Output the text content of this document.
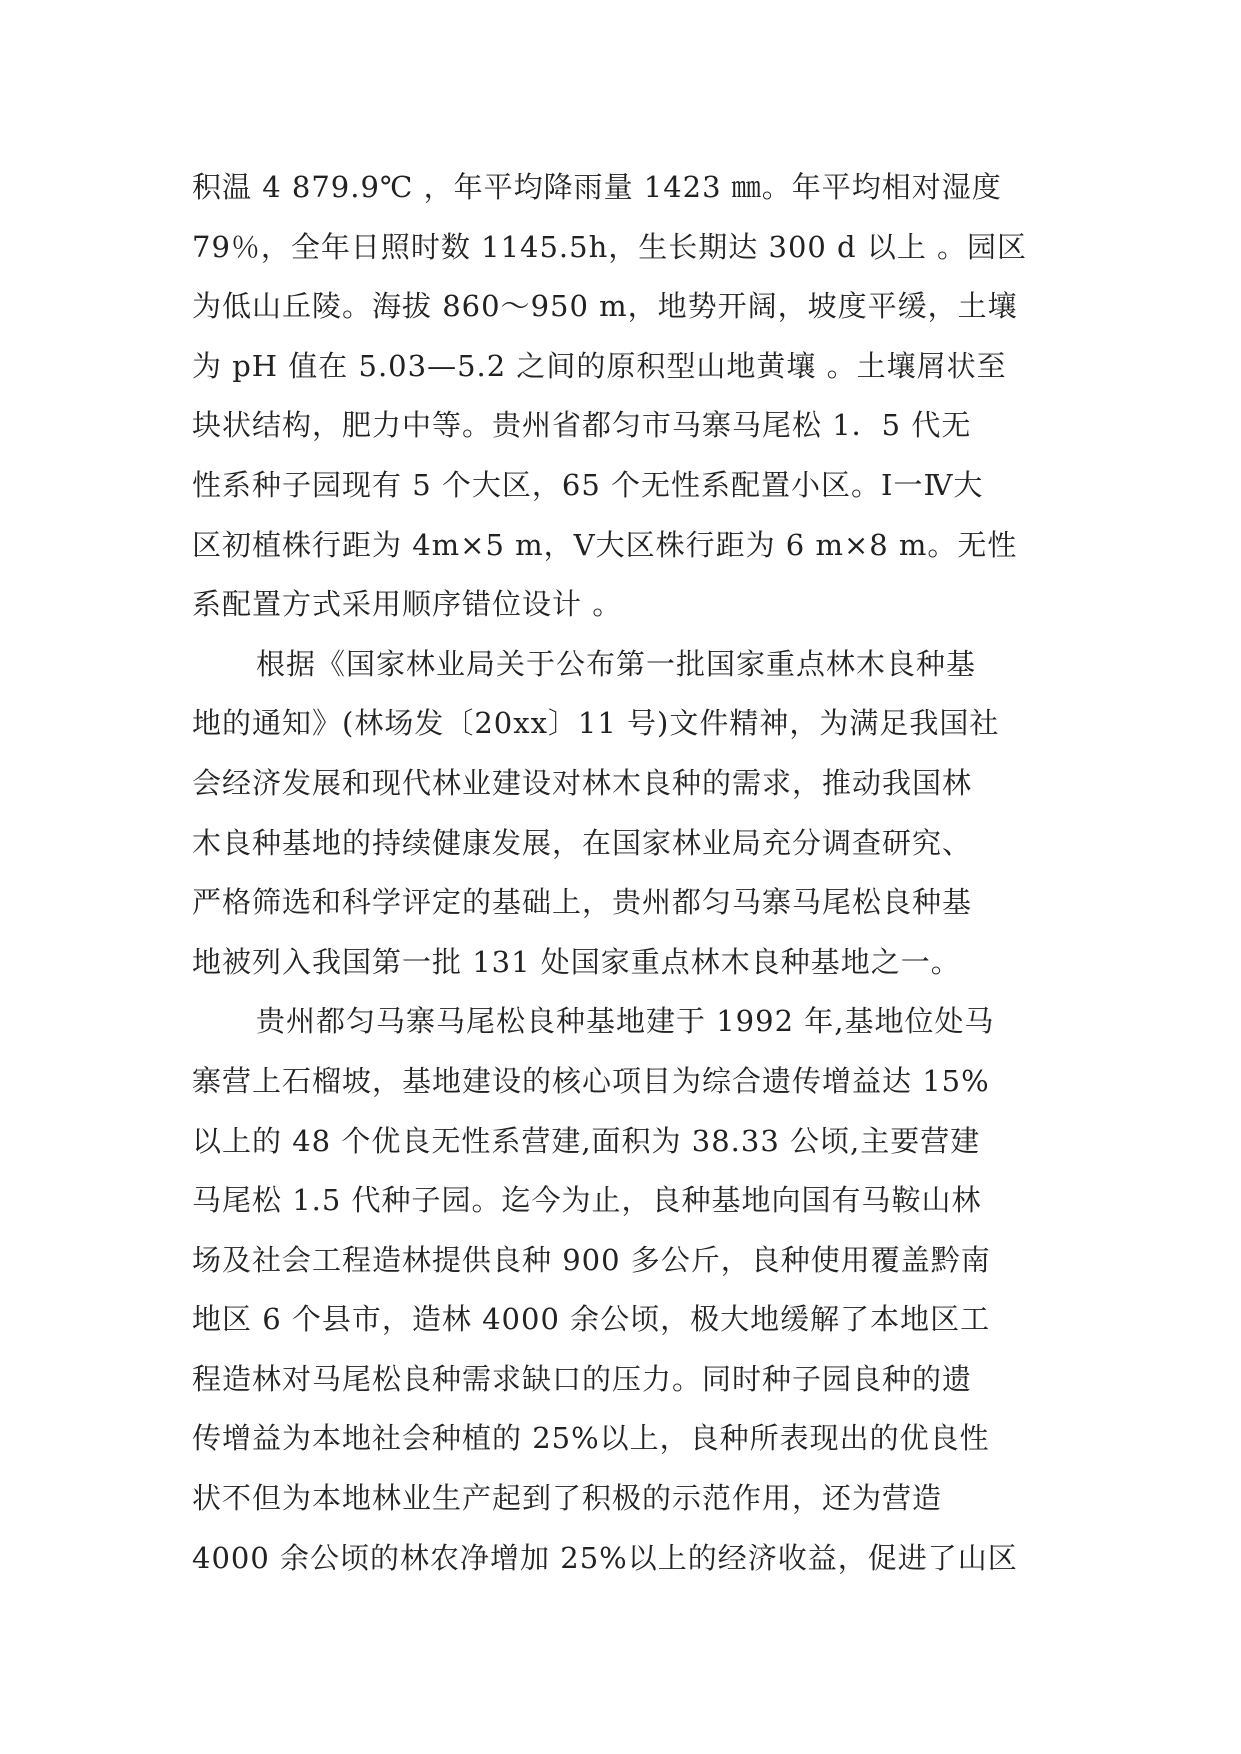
积温 4 879.9℃ ，年平均降雨量 1423 ㎜。年平均相对湿度
79％，全年日照时数 1145.5h，生长期达 300 d 以上 。园区
为低山丘陵。海拔 860～950 m，地势开阔，坡度平缓，土壤
为 pH 值在 5.03—5.2 之间的原积型山地黄壤 。土壤屑状至
块状结构，肥力中等。贵州省都匀市马寨马尾松 1．5 代无
性系种子园现有 5 个大区，65 个无性系配置小区。Ⅰ一Ⅳ大
区初植株行距为 4m×5 m，Ⅴ大区株行距为 6 m×8 m。无性
系配置方式采用顺序错位设计 。
根据《国家林业局关于公布第一批国家重点林木良种基
地的通知》(林场发〔20xx〕11 号)文件精神，为满足我国社
会经济发展和现代林业建设对林木良种的需求，推动我国林
木良种基地的持续健康发展，在国家林业局充分调查研究、
严格筛选和科学评定的基础上，贵州都匀马寨马尾松良种基
地被列入我国第一批 131 处国家重点林木良种基地之一。
贵州都匀马寨马尾松良种基地建于 1992 年,基地位处马
寨营上石榴坡，基地建设的核心项目为综合遗传增益达 15%
以上的 48 个优良无性系营建,面积为 38.33 公顷,主要营建
马尾松 1.5 代种子园。迄今为止，良种基地向国有马鞍山林
场及社会工程造林提供良种 900 多公斤，良种使用覆盖黔南
地区 6 个县市，造林 4000 余公顷，极大地缓解了本地区工
程造林对马尾松良种需求缺口的压力。同时种子园良种的遗
传增益为本地社会种植的 25%以上，良种所表现出的优良性
状不但为本地林业生产起到了积极的示范作用，还为营造
4000 余公顷的林农净增加 25%以上的经济收益，促进了山区
